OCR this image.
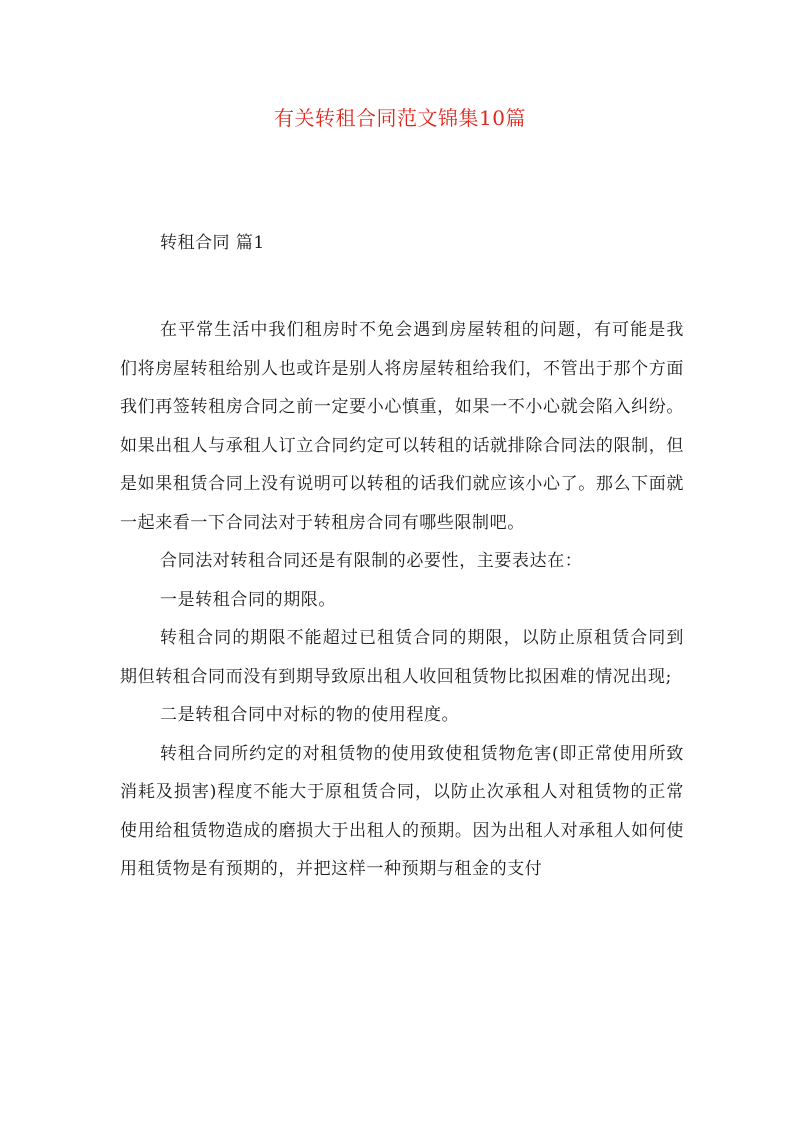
有关转租合同范文锦集10篇
转租合同 篇1

在平常生活中我们租房时不免会遇到房屋转租的问题，有可能是我们将房屋转租给别人也或许是别人将房屋转租给我们，不管出于那个方面我们再签转租房合同之前一定要小心慎重，如果一不小心就会陷入纠纷。如果出租人与承租人订立合同约定可以转租的话就排除合同法的限制，但是如果租赁合同上没有说明可以转租的话我们就应该小心了。那么下面就一起来看一下合同法对于转租房合同有哪些限制吧。

合同法对转租合同还是有限制的必要性，主要表达在：

一是转租合同的期限。

转租合同的期限不能超过已租赁合同的期限，以防止原租赁合同到期但转租合同而没有到期导致原出租人收回租赁物比拟困难的情况出现;

二是转租合同中对标的物的使用程度。

转租合同所约定的对租赁物的使用致使租赁物危害(即正常使用所致消耗及损害)程度不能大于原租赁合同，以防止次承租人对租赁物的正常使用给租赁物造成的磨损大于出租人的预期。因为出租人对承租人如何使用租赁物是有预期的，并把这样一种预期与租金的支付
